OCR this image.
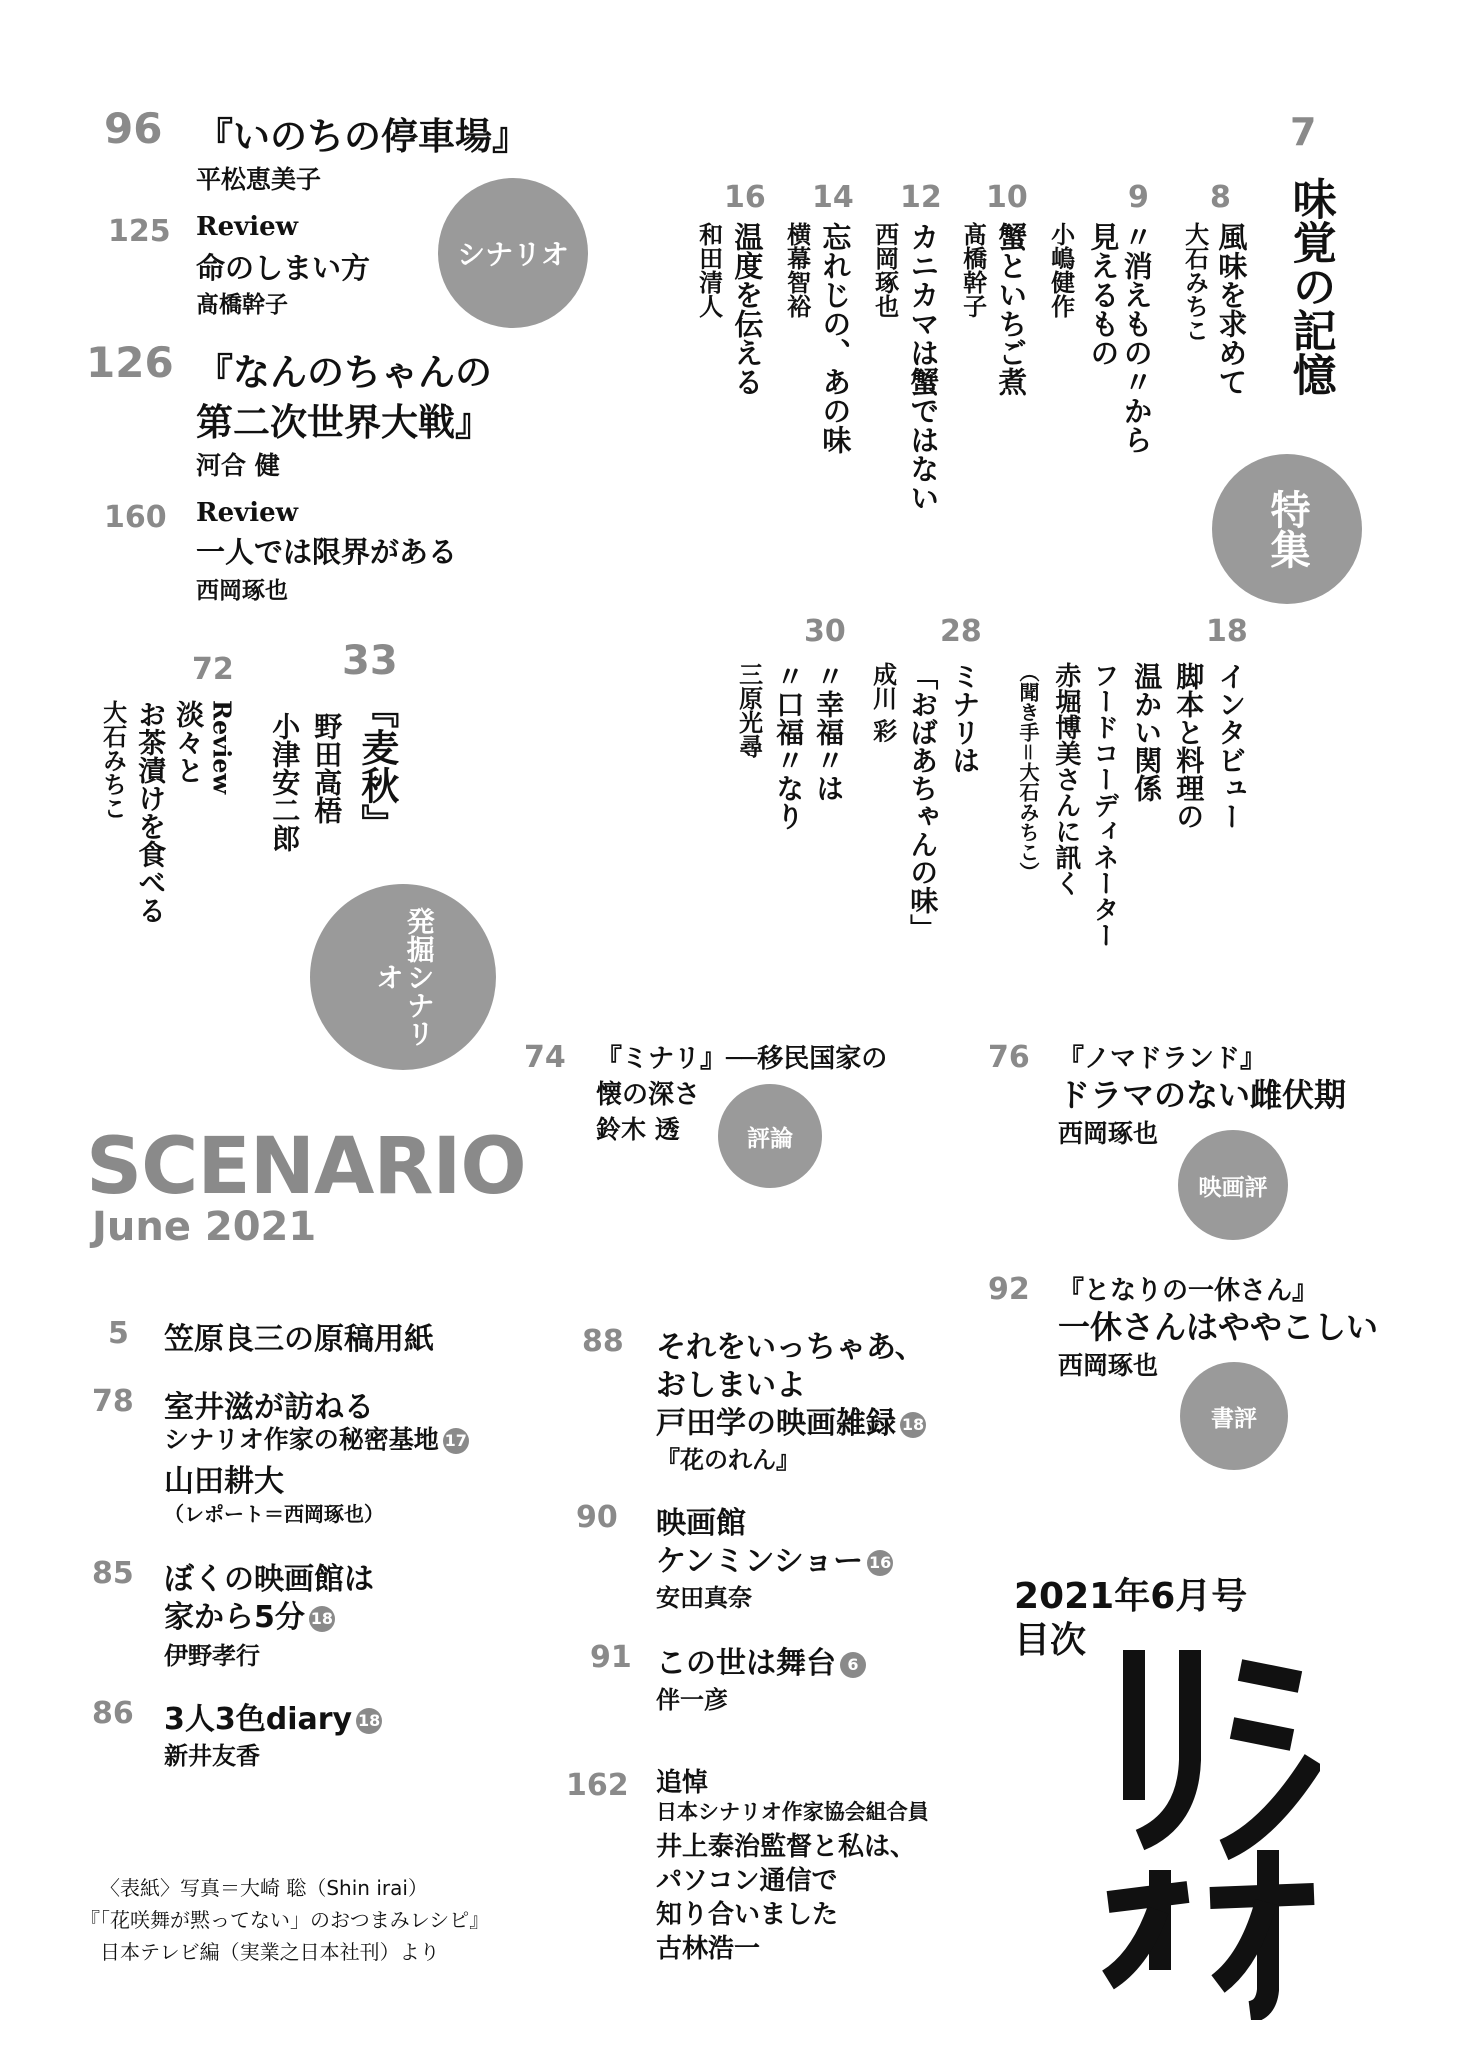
96 『いのちの停車場』
平松恵美子
125 Review
命のしまい方
髙橋幹子
シナリオ
126 『なんのちゃんの
第二次世界大戦』
河合 健
160 Review
一人では限界がある
西岡琢也
7
味覚の記憶
特集
8
風味を求めて
大石みちこ
9
〃消えもの〃から見えるもの
小嶋健作
10
蟹といちご煮
髙橋幹子
12
カニカマは蟹ではない
西岡琢也
14
忘れじの、あの味
横幕智裕
16
温度を伝える
和田清人
18
インタビュー
脚本と料理の
温かい関係
フードコーディネーター
赤堀博美さんに訊く
（聞き手＝大石みちこ）
28
ミナリは
「おばあちゃんの味」
成川 彩
30
〃幸福〃は
〃口福〃なり
三原光尋
33
『麦秋』
野田高梧
小津安二郎
72
Review
淡々と
お茶漬けを食べる
大石みちこ
発掘シナリオ
74 『ミナリ』──移民国家の
懐の深さ
鈴木 透	評論
76 『ノマドランド』
ドラマのない雌伏期
西岡琢也
映画評
92 『となりの一休さん』
一休さんはややこしい
西岡琢也
書評
SCENARIO
June 2021
5 笠原良三の原稿用紙
78 室井滋が訪ねる
シナリオ作家の秘密基地 17
山田耕大
（レポート＝西岡琢也）
85 ぼくの映画館は
家から5分 18
伊野孝行
86 3人3色diary 18
新井友香
88 それをいっちゃあ、
おしまいよ
戸田学の映画雑録 18
『花のれん』
90 映画館
ケンミンショー 16
安田真奈
91 この世は舞台 6
伴一彦
162 追悼
日本シナリオ作家協会組合員
井上泰治監督と私は、
パソコン通信で
知り合いました
古林浩一
2021年6月号
目次
〈表紙〉写真＝大崎 聡（Shin irai）
『「花咲舞が黙ってない」のおつまみレシピ』
日本テレビ編（実業之日本社刊）より
